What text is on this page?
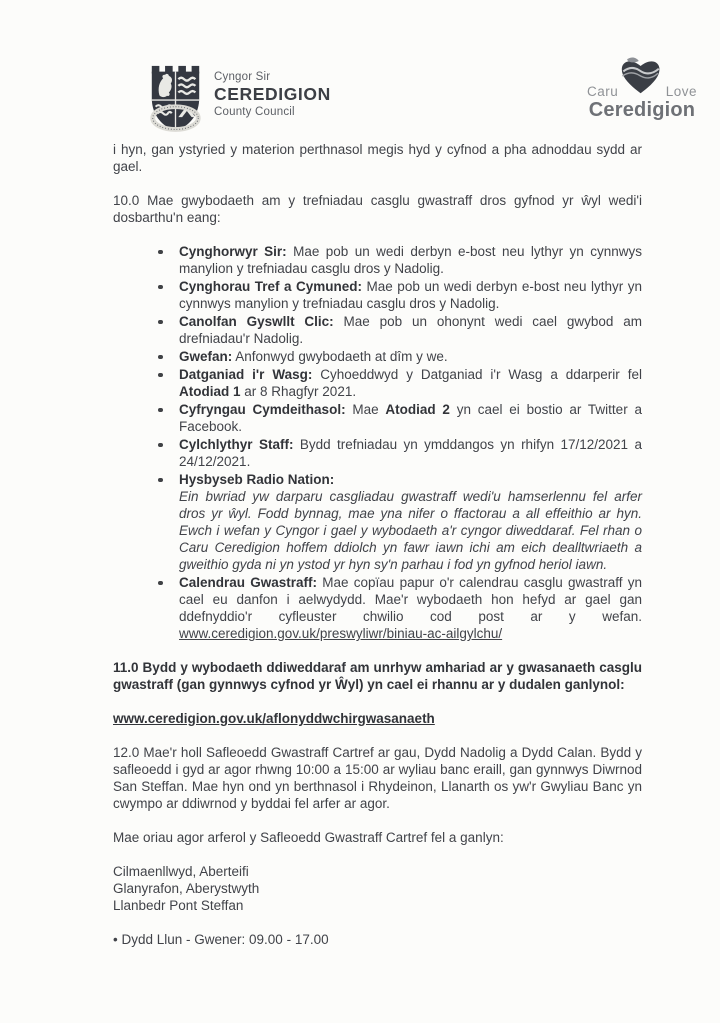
Cyngor Sir
CEREDIGION
County Council
Caru	Love
Ceredigion

i hyn, gan ystyried y materion perthnasol megis hyd y cyfnod a pha adnoddau sydd ar gael.

10.0 Mae gwybodaeth am y trefniadau casglu gwastraff dros gyfnod yr ŵyl wedi'i dosbarthu'n eang:

Cynghorwyr Sir: Mae pob un wedi derbyn e-bost neu lythyr yn cynnwys manylion y trefniadau casglu dros y Nadolig.
Cynghorau Tref a Cymuned: Mae pob un wedi derbyn e-bost neu lythyr yn cynnwys manylion y trefniadau casglu dros y Nadolig.
Canolfan Gyswllt Clic: Mae pob un ohonynt wedi cael gwybod am drefniadau'r Nadolig.
Gwefan: Anfonwyd gwybodaeth at dîm y we.
Datganiad i'r Wasg: Cyhoeddwyd y Datganiad i'r Wasg a ddarperir fel Atodiad 1 ar 8 Rhagfyr 2021.
Cyfryngau Cymdeithasol: Mae Atodiad 2 yn cael ei bostio ar Twitter a Facebook.
Cylchlythyr Staff: Bydd trefniadau yn ymddangos yn rhifyn 17/12/2021 a 24/12/2021.
Hysbyseb Radio Nation:
Ein bwriad yw darparu casgliadau gwastraff wedi'u hamserlennu fel arfer dros yr ŵyl. Fodd bynnag, mae yna nifer o ffactorau a all effeithio ar hyn. Ewch i wefan y Cyngor i gael y wybodaeth a'r cyngor diweddaraf. Fel rhan o Caru Ceredigion hoffem ddiolch yn fawr iawn ichi am eich dealltwriaeth a gweithio gyda ni yn ystod yr hyn sy'n parhau i fod yn gyfnod heriol iawn.
Calendrau Gwastraff: Mae copïau papur o'r calendrau casglu gwastraff yn cael eu danfon i aelwydydd. Mae'r wybodaeth hon hefyd ar gael gan ddefnyddio'r cyfleuster chwilio cod post ar y wefan.
www.ceredigion.gov.uk/preswyliwr/biniau-ac-ailgylchu/

11.0 Bydd y wybodaeth ddiweddaraf am unrhyw amhariad ar y gwasanaeth casglu gwastraff (gan gynnwys cyfnod yr Ŵyl) yn cael ei rhannu ar y dudalen ganlynol:

www.ceredigion.gov.uk/aflonyddwchirgwasanaeth

12.0 Mae'r holl Safleoedd Gwastraff Cartref ar gau, Dydd Nadolig a Dydd Calan. Bydd y safleoedd i gyd ar agor rhwng 10:00 a 15:00 ar wyliau banc eraill, gan gynnwys Diwrnod San Steffan. Mae hyn ond yn berthnasol i Rhydeinon, Llanarth os yw'r Gwyliau Banc yn cwympo ar ddiwrnod y byddai fel arfer ar agor.

Mae oriau agor arferol y Safleoedd Gwastraff Cartref fel a ganlyn:

Cilmaenllwyd, Aberteifi
Glanyrafon, Aberystwyth
Llanbedr Pont Steffan

• Dydd Llun - Gwener: 09.00 - 17.00
